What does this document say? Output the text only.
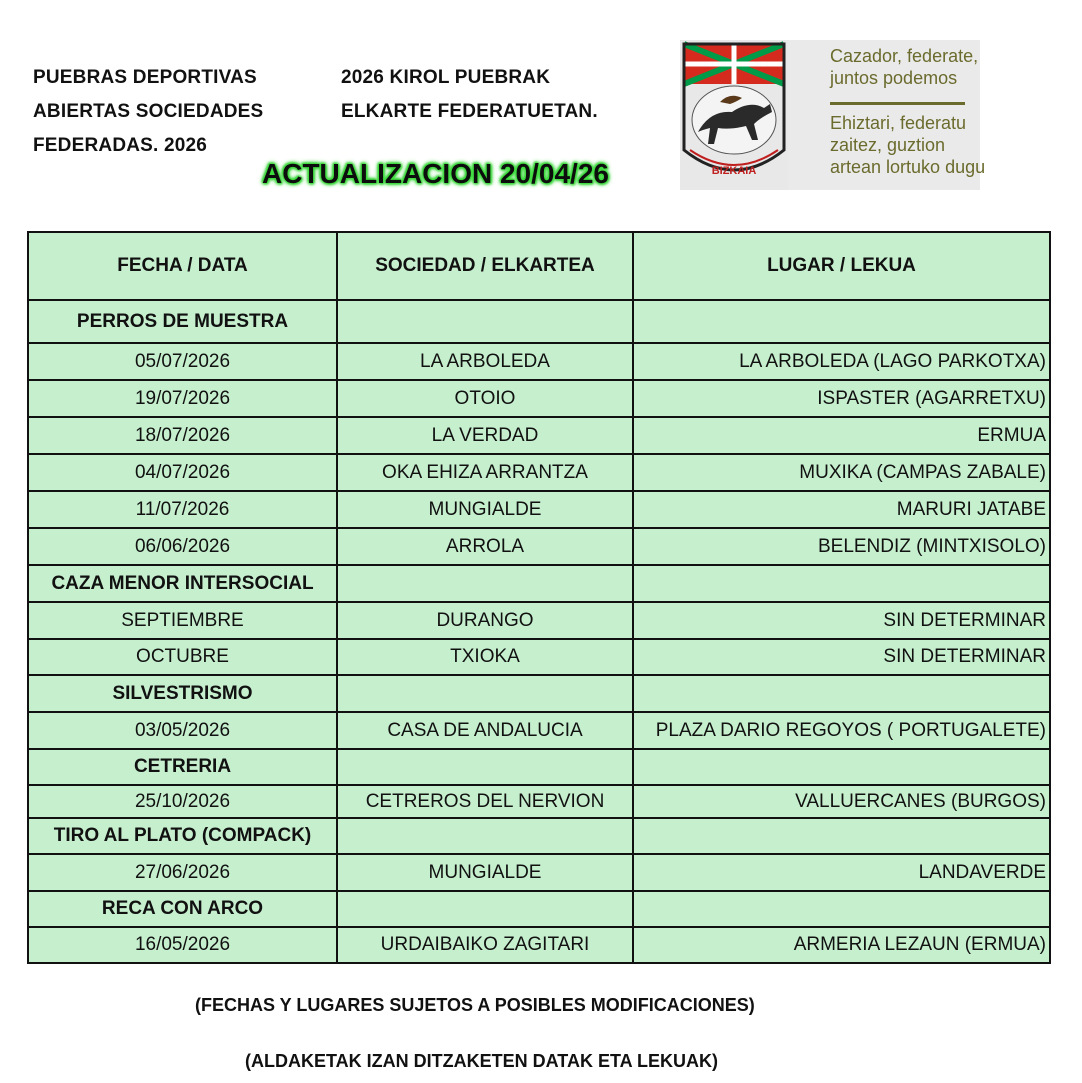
PUEBRAS DEPORTIVAS
ABIERTAS SOCIEDADES
FEDERADAS. 2026
2026 KIROL PUEBRAK
ELKARTE FEDERATUETAN.
ACTUALIZACION 20/04/26	BIZKAIA
Cazador, federate,
juntos podemos
Ehiztari, federatu
zaitez, guztion
artean lortuko dugu
FECHA / DATA	SOCIEDAD / ELKARTEA	LUGAR / LEKUA
PERROS DE MUESTRA		
05/07/2026	LA ARBOLEDA	LA ARBOLEDA (LAGO PARKOTXA)
19/07/2026	OTOIO	ISPASTER (AGARRETXU)
18/07/2026	LA VERDAD	ERMUA
04/07/2026	OKA EHIZA ARRANTZA	MUXIKA (CAMPAS ZABALE)
11/07/2026	MUNGIALDE	MARURI JATABE
06/06/2026	ARROLA	BELENDIZ (MINTXISOLO)
CAZA MENOR INTERSOCIAL		
SEPTIEMBRE	DURANGO	SIN DETERMINAR
OCTUBRE	TXIOKA	SIN DETERMINAR
SILVESTRISMO		
03/05/2026	CASA DE ANDALUCIA	PLAZA DARIO REGOYOS ( PORTUGALETE)
CETRERIA		
25/10/2026	CETREROS DEL NERVION	VALLUERCANES (BURGOS)
TIRO AL PLATO (COMPACK)		
27/06/2026	MUNGIALDE	LANDAVERDE
RECA CON ARCO		
16/05/2026	URDAIBAIKO ZAGITARI	ARMERIA LEZAUN (ERMUA)
(FECHAS Y LUGARES SUJETOS A POSIBLES MODIFICACIONES)
(ALDAKETAK IZAN DITZAKETEN DATAK ETA LEKUAK)
